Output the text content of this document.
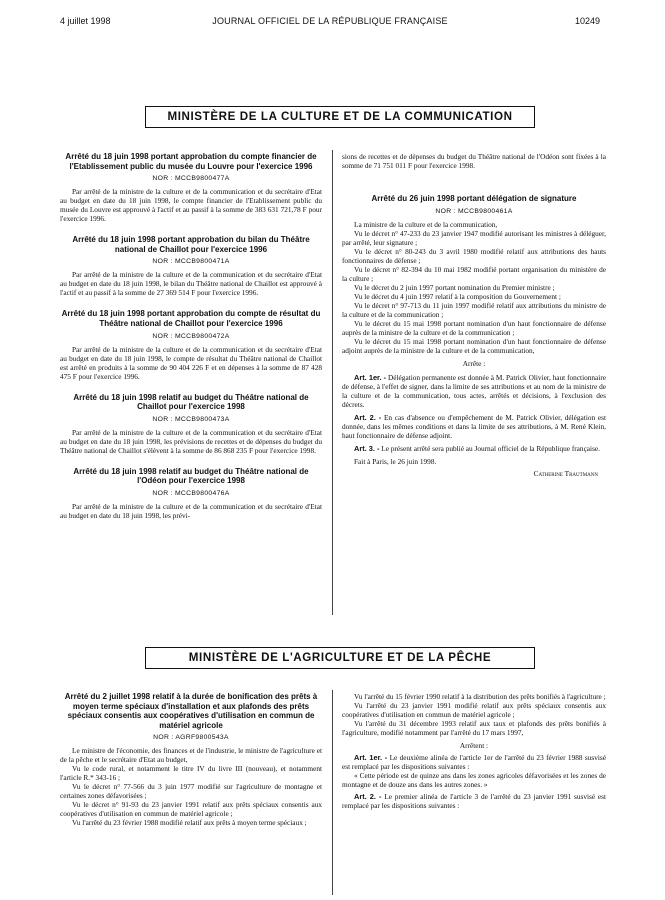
4 juillet 1998	JOURNAL OFFICIEL DE LA RÉPUBLIQUE FRANÇAISE	10249
MINISTÈRE DE LA CULTURE ET DE LA COMMUNICATION
Arrêté du 18 juin 1998 portant approbation du compte financier de l'Etablissement public du musée du Louvre pour l'exercice 1996
NOR : MCCB9800477A

Par arrêté de la ministre de la culture et de la communication et du secrétaire d'Etat au budget en date du 18 juin 1998, le compte financier de l'Etablissement public du musée du Louvre est approuvé à l'actif et au passif à la somme de 383 631 721,78 F pour l'exercice 1996.

Arrêté du 18 juin 1998 portant approbation du bilan du Théâtre national de Chaillot pour l'exercice 1996
NOR : MCCB9800471A

Par arrêté de la ministre de la culture et de la communication et du secrétaire d'Etat au budget en date du 18 juin 1998, le bilan du Théâtre national de Chaillot est approuvé à l'actif et au passif à la somme de 27 369 514 F pour l'exercice 1996.

Arrêté du 18 juin 1998 portant approbation du compte de résultat du Théâtre national de Chaillot pour l'exercice 1996
NOR : MCCB9800472A

Par arrêté de la ministre de la culture et de la communication et du secrétaire d'Etat au budget en date du 18 juin 1998, le compte de résultat du Théâtre national de Chaillot est arrêté en produits à la somme de 90 404 226 F et en dépenses à la somme de 87 428 475 F pour l'exercice 1996.

Arrêté du 18 juin 1998 relatif au budget du Théâtre national de Chaillot pour l'exercice 1998
NOR : MCCB9800473A

Par arrêté de la ministre de la culture et de la communication et du secrétaire d'Etat au budget en date du 18 juin 1998, les prévisions de recettes et de dépenses du budget du Théâtre national de Chaillot s'élèvent à la somme de 86 868 235 F pour l'exercice 1998.

Arrêté du 18 juin 1998 relatif au budget du Théâtre national de l'Odéon pour l'exercice 1998
NOR : MCCB9800476A

Par arrêté de la ministre de la culture et de la communication et du secrétaire d'Etat au budget en date du 18 juin 1998, les prévi-

sions de recettes et de dépenses du budget du Théâtre national de l'Odéon sont fixées à la somme de 71 751 011 F pour l'exercice 1998.

Arrêté du 26 juin 1998 portant délégation de signature
NOR : MCCB9800461A

La ministre de la culture et de la communication,

Vu le décret n° 47-233 du 23 janvier 1947 modifié autorisant les ministres à déléguer, par arrêté, leur signature ;

Vu le décret n° 80-243 du 3 avril 1980 modifié relatif aux attributions des hauts fonctionnaires de défense ;

Vu le décret n° 82-394 du 10 mai 1982 modifié portant organisation du ministère de la culture ;

Vu le décret du 2 juin 1997 portant nomination du Premier ministre ;

Vu le décret du 4 juin 1997 relatif à la composition du Gouvernement ;

Vu le décret n° 97-713 du 11 juin 1997 modifié relatif aux attributions du ministre de la culture et de la communication ;

Vu le décret du 15 mai 1998 portant nomination d'un haut fonctionnaire de défense auprès de la ministre de la culture et de la communication ;

Vu le décret du 15 mai 1998 portant nomination d'un haut fonctionnaire de défense adjoint auprès de la ministre de la culture et de la communication,

Arrête :

Art. 1er. - Délégation permanente est donnée à M. Patrick Olivier, haut fonctionnaire de défense, à l'effet de signer, dans la limite de ses attributions et au nom de la ministre de la culture et de la communication, tous actes, arrêtés et décisions, à l'exclusion des décrets.

Art. 2. - En cas d'absence ou d'empêchement de M. Patrick Olivier, délégation est donnée, dans les mêmes conditions et dans la limite de ses attributions, à M. René Klein, haut fonctionnaire de défense adjoint.

Art. 3. - Le présent arrêté sera publié au Journal officiel de la République française.

Fait à Paris, le 26 juin 1998.

Catherine Trautmann
MINISTÈRE DE L'AGRICULTURE ET DE LA PÊCHE
Arrêté du 2 juillet 1998 relatif à la durée de bonification des prêts à moyen terme spéciaux d'installation et aux plafonds des prêts spéciaux consentis aux coopératives d'utilisation en commun de matériel agricole
NOR : AGRF9800543A

Le ministre de l'économie, des finances et de l'industrie, le ministre de l'agriculture et de la pêche et le secrétaire d'Etat au budget,

Vu le code rural, et notamment le titre IV du livre III (nouveau), et notamment l'article R.* 343-16 ;

Vu le décret n° 77-566 du 3 juin 1977 modifié sur l'agriculture de montagne et certaines zones défavorisées ;

Vu le décret n° 91-93 du 23 janvier 1991 relatif aux prêts spéciaux consentis aux coopératives d'utilisation en commun de matériel agricole ;

Vu l'arrêté du 23 février 1988 modifié relatif aux prêts à moyen terme spéciaux ;

Vu l'arrêté du 15 février 1990 relatif à la distribution des prêts bonifiés à l'agriculture ;

Vu l'arrêté du 23 janvier 1991 modifié relatif aux prêts spéciaux consentis aux coopératives d'utilisation en commun de matériel agricole ;

Vu l'arrêté du 31 décembre 1993 relatif aux taux et plafonds des prêts bonifiés à l'agriculture, modifié notamment par l'arrêté du 17 mars 1997,

Arrêtent :

Art. 1er. - Le deuxième alinéa de l'article 1er de l'arrêté du 23 février 1988 susvisé est remplacé par les dispositions suivantes :

« Cette période est de quinze ans dans les zones agricoles défavorisées et les zones de montagne et de douze ans dans les autres zones. »

Art. 2. - Le premier alinéa de l'article 3 de l'arrêté du 23 janvier 1991 susvisé est remplacé par les dispositions suivantes :
